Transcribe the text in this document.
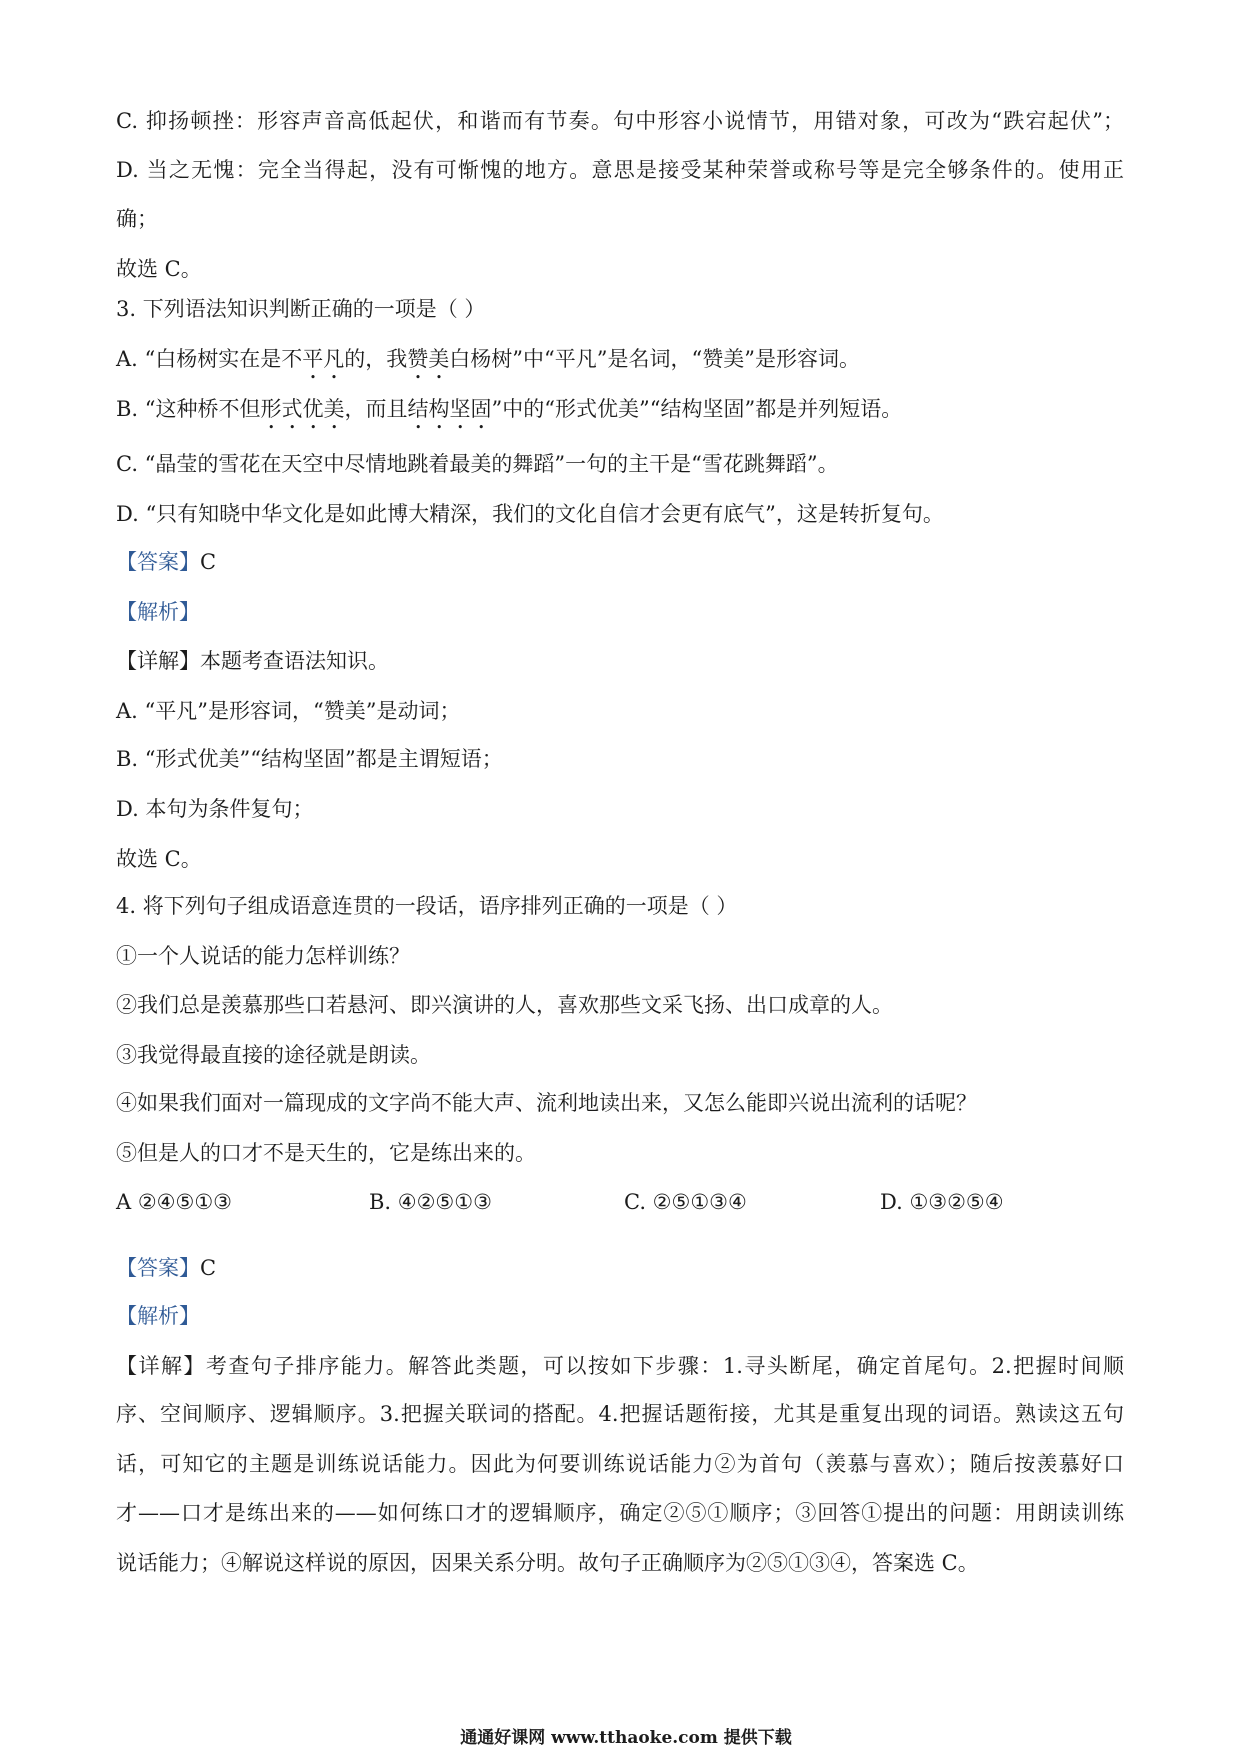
C. 抑扬顿挫：形容声音高低起伏，和谐而有节奏。句中形容小说情节，用错对象，可改为“跌宕起伏”；
D. 当之无愧：完全当得起，没有可惭愧的地方。意思是接受某种荣誉或称号等是完全够条件的。使用正
确；
故选 C。
3. 下列语法知识判断正确的一项是（ ）
A. “白杨树实在是不平凡的，我赞美白杨树”中“平凡”是名词，“赞美”是形容词。
B. “这种桥不但形式优美，而且结构坚固”中的“形式优美”“结构坚固”都是并列短语。
C. “晶莹的雪花在天空中尽情地跳着最美的舞蹈”一句的主干是“雪花跳舞蹈”。
D. “只有知晓中华文化是如此博大精深，我们的文化自信才会更有底气”，这是转折复句。
【答案】C
【解析】
【详解】本题考查语法知识。
A. “平凡”是形容词，“赞美”是动词；
B. “形式优美”“结构坚固”都是主谓短语；
D. 本句为条件复句；
故选 C。
4. 将下列句子组成语意连贯的一段话，语序排列正确的一项是（ ）
①一个人说话的能力怎样训练？
②我们总是羡慕那些口若悬河、即兴演讲的人，喜欢那些文采飞扬、出口成章的人。
③我觉得最直接的途径就是朗读。
④如果我们面对一篇现成的文字尚不能大声、流利地读出来，又怎么能即兴说出流利的话呢？
⑤但是人的口才不是天生的，它是练出来的。
A ②④⑤①③	B. ④②⑤①③	C. ②⑤①③④	D. ①③②⑤④
【答案】C
【解析】
【详解】考查句子排序能力。解答此类题，可以按如下步骤：1.寻头断尾，确定首尾句。2.把握时间顺
序、空间顺序、逻辑顺序。3.把握关联词的搭配。4.把握话题衔接，尤其是重复出现的词语。熟读这五句
话，可知它的主题是训练说话能力。因此为何要训练说话能力②为首句（羡慕与喜欢）；随后按羡慕好口
才——口才是练出来的——如何练口才的逻辑顺序，确定②⑤①顺序；③回答①提出的问题：用朗读训练
说话能力；④解说这样说的原因，因果关系分明。故句子正确顺序为②⑤①③④，答案选 C。
通通好课网 www.tthaoke.com 提供下载
